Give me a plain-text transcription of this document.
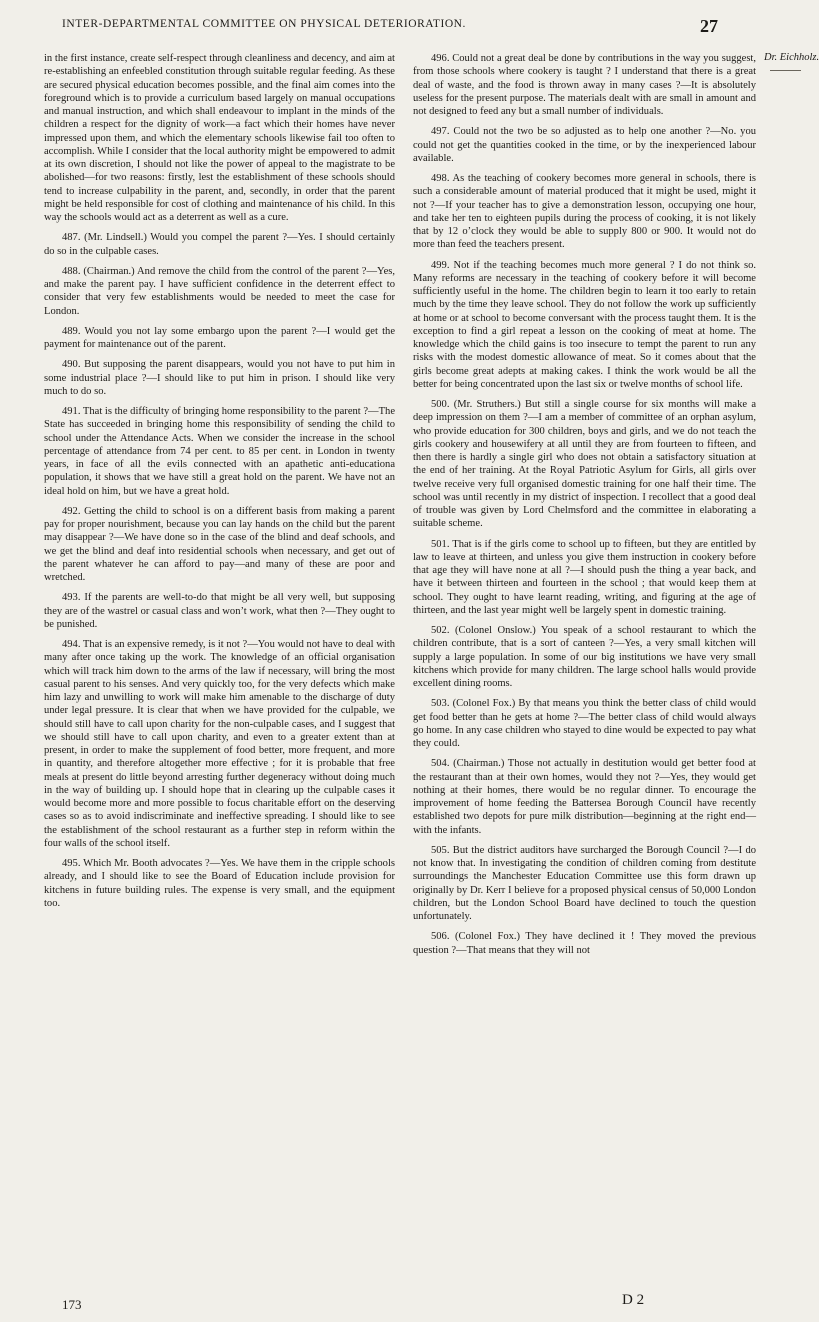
INTER-DEPARTMENTAL COMMITTEE ON PHYSICAL DETERIORATION.	27
Dr. Eichholz.

in the first instance, create self-respect through cleanliness and decency, and aim at re-establishing an enfeebled constitution through suitable regular feeding. As these are secured physical education becomes possible, and the final aim comes into the foreground which is to provide a curriculum based largely on manual occupations and manual instruction, and which shall endeavour to implant in the minds of the children a respect for the dignity of work—a fact which their homes have never impressed upon them, and which the elementary schools likewise fail too often to accomplish. While I consider that the local authority might be empowered to admit at its own discretion, I should not like the power of appeal to the magistrate to be abolished—for two reasons: firstly, lest the establishment of these schools should tend to increase culpability in the parent, and, secondly, in order that the parent might be held responsible for cost of clothing and maintenance of his child. In this way the schools would act as a deterrent as well as a cure.

487. (Mr. Lindsell.) Would you compel the parent ?—Yes. I should certainly do so in the culpable cases.

488. (Chairman.) And remove the child from the control of the parent ?—Yes, and make the parent pay. I have sufficient confidence in the deterrent effect to consider that very few establishments would be needed to meet the case for London.

489. Would you not lay some embargo upon the parent ?—I would get the payment for maintenance out of the parent.

490. But supposing the parent disappears, would you not have to put him in some industrial place ?—I should like to put him in prison. I should like very much to do so.

491. That is the difficulty of bringing home responsibility to the parent ?—The State has succeeded in bringing home this responsibility of sending the child to school under the Attendance Acts. When we consider the increase in the school percentage of attendance from 74 per cent. to 85 per cent. in London in twenty years, in face of all the evils connected with an apathetic anti-educationa population, it shows that we have still a great hold on the parent. We have not an ideal hold on him, but we have a great hold.

492. Getting the child to school is on a different basis from making a parent pay for proper nourishment, because you can lay hands on the child but the parent may disappear ?—We have done so in the case of the blind and deaf schools, and we get the blind and deaf into residential schools when necessary, and get out of the parent whatever he can afford to pay—and many of these are poor and wretched.

493. If the parents are well-to-do that might be all very well, but supposing they are of the wastrel or casual class and won’t work, what then ?—They ought to be punished.

494. That is an expensive remedy, is it not ?—You would not have to deal with many after once taking up the work. The knowledge of an official organisation which will track him down to the arms of the law if necessary, will bring the most casual parent to his senses. And very quickly too, for the very defects which make him lazy and unwilling to work will make him amenable to the discharge of duty under legal pressure. It is clear that when we have provided for the culpable, we should still have to call upon charity for the non-culpable cases, and I suggest that we should still have to call upon charity, and even to a greater extent than at present, in order to make the supplement of food better, more frequent, and more in quantity, and therefore altogether more effective ; for it is probable that free meals at present do little beyond arresting further degeneracy without doing much in the way of building up. I should hope that in clearing up the culpable cases it would become more and more possible to focus charitable effort on the deserving cases so as to avoid indiscriminate and ineffective spreading. I should like to see the establishment of the school restaurant as a further step in reform within the four walls of the school itself.

495. Which Mr. Booth advocates ?—Yes. We have them in the cripple schools already, and I should like to see the Board of Education include provision for kitchens in future building rules. The expense is very small, and the equipment too.

496. Could not a great deal be done by contributions in the way you suggest, from those schools where cookery is taught ? I understand that there is a great deal of waste, and the food is thrown away in many cases ?—It is absolutely useless for the present purpose. The materials dealt with are small in amount and not designed to feed any but a small number of individuals.

497. Could not the two be so adjusted as to help one another ?—No. you could not get the quantities cooked in the time, or by the inexperienced labour available.

498. As the teaching of cookery becomes more general in schools, there is such a considerable amount of material produced that it might be used, might it not ?—If your teacher has to give a demonstration lesson, occupying one hour, and take her ten to eighteen pupils during the process of cooking, it is not likely that by 12 o’clock they would be able to supply 800 or 900. It would not do more than feed the teachers present.

499. Not if the teaching becomes much more general ? I do not think so. Many reforms are necessary in the teaching of cookery before it will become sufficiently useful in the home. The children begin to learn it too early to retain much by the time they leave school. They do not follow the work up sufficiently at home or at school to become conversant with the process taught them. It is the exception to find a girl repeat a lesson on the cooking of meat at home. The knowledge which the child gains is too insecure to tempt the parent to run any risks with the modest domestic allowance of meat. So it comes about that the girls become great adepts at making cakes. I think the work would be all the better for being concentrated upon the last six or twelve months of school life.

500. (Mr. Struthers.) But still a single course for six months will make a deep impression on them ?—I am a member of committee of an orphan asylum, who provide education for 300 children, boys and girls, and we do not teach the girls cookery and housewifery at all until they are from fourteen to fifteen, and then there is hardly a single girl who does not obtain a satisfactory situation at the end of her training. At the Royal Patriotic Asylum for Girls, all girls over twelve receive very full organised domestic training for one half their time. The school was until recently in my district of inspection. I recollect that a good deal of trouble was given by Lord Chelmsford and the committee in elaborating a suitable scheme.

501. That is if the girls come to school up to fifteen, but they are entitled by law to leave at thirteen, and unless you give them instruction in cookery before that age they will have none at all ?—I should push the thing a year back, and have it between thirteen and fourteen in the school ; that would keep them at school. They ought to have learnt reading, writing, and figuring at the age of thirteen, and the last year might well be largely spent in domestic training.

502. (Colonel Onslow.) You speak of a school restaurant to which the children contribute, that is a sort of canteen ?—Yes, a very small kitchen will supply a large population. In some of our big institutions we have very small kitchens which provide for many children. The large school halls would provide excellent dining rooms.

503. (Colonel Fox.) By that means you think the better class of child would get food better than he gets at home ?—The better class of child would always go home. In any case children who stayed to dine would be expected to pay what they could.

504. (Chairman.) Those not actually in destitution would get better food at the restaurant than at their own homes, would they not ?—Yes, they would get nothing at their homes, there would be no regular dinner. To encourage the improvement of home feeding the Battersea Borough Council have recently established two depots for pure milk distribution—beginning at the right end—with the infants.

505. But the district auditors have surcharged the Borough Council ?—I do not know that. In investigating the condition of children coming from destitute surroundings the Manchester Education Committee use this form drawn up originally by Dr. Kerr I believe for a proposed physical census of 50,000 London children, but the London School Board have declined to touch the question unfortunately.

506. (Colonel Fox.) They have declined it ! They moved the previous question ?—That means that they will not

173	D 2
